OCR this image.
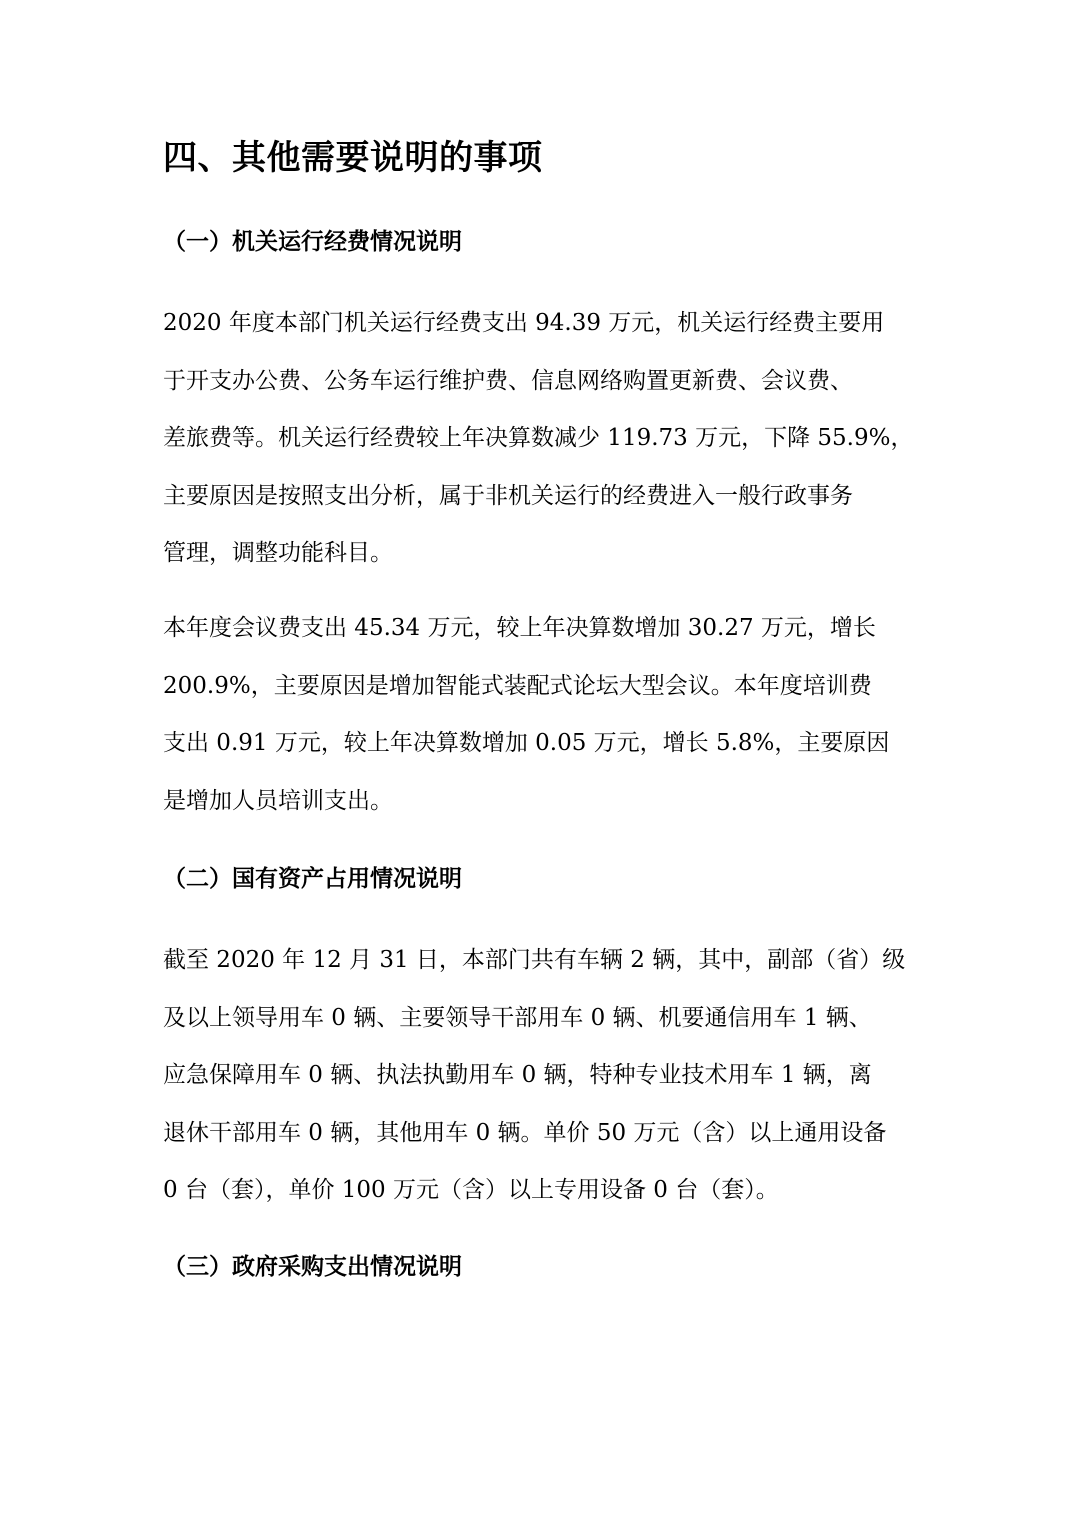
四、其他需要说明的事项
（一）机关运行经费情况说明
2020 年度本部门机关运行经费支出 94.39 万元，机关运行经费主要用
于开支办公费、公务车运行维护费、信息网络购置更新费、会议费、
差旅费等。机关运行经费较上年决算数减少 119.73 万元，下降 55.9%，
主要原因是按照支出分析，属于非机关运行的经费进入一般行政事务
管理，调整功能科目。
本年度会议费支出 45.34 万元，较上年决算数增加 30.27 万元，增长
200.9%，主要原因是增加智能式装配式论坛大型会议。本年度培训费
支出 0.91 万元，较上年决算数增加 0.05 万元，增长 5.8%，主要原因
是增加人员培训支出。
（二）国有资产占用情况说明
截至 2020 年 12 月 31 日，本部门共有车辆 2 辆，其中，副部（省）级
及以上领导用车 0 辆、主要领导干部用车 0 辆、机要通信用车 1 辆、
应急保障用车 0 辆、执法执勤用车 0 辆，特种专业技术用车 1 辆，离
退休干部用车 0 辆，其他用车 0 辆。单价 50 万元（含）以上通用设备
0 台（套），单价 100 万元（含）以上专用设备 0 台（套）。
（三）政府采购支出情况说明
